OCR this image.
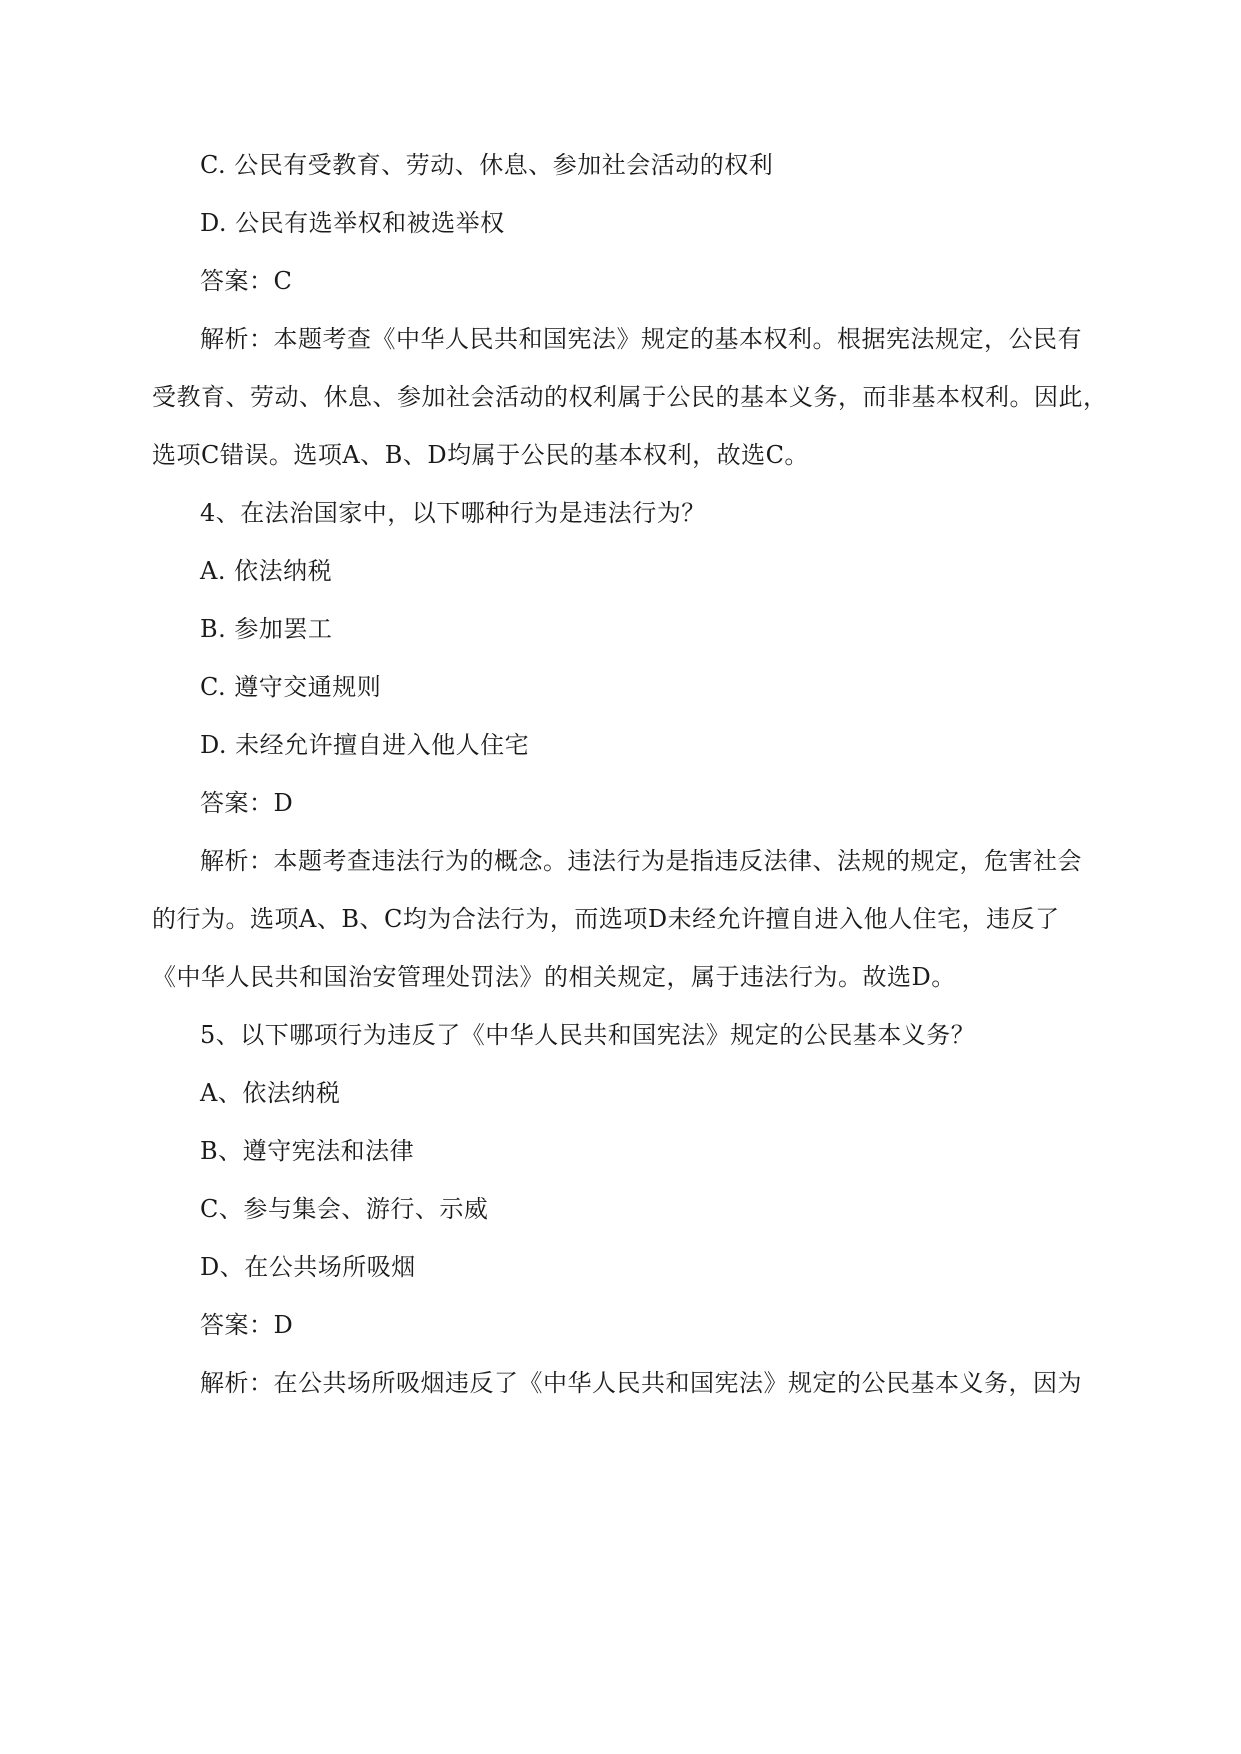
C. 公民有受教育、劳动、休息、参加社会活动的权利
D. 公民有选举权和被选举权
答案：C
解析：本题考查《中华人民共和国宪法》规定的基本权利。根据宪法规定，公民有
受教育、劳动、休息、参加社会活动的权利属于公民的基本义务，而非基本权利。因此，
选项C错误。选项A、B、D均属于公民的基本权利，故选C。
4、在法治国家中，以下哪种行为是违法行为？
A. 依法纳税
B. 参加罢工
C. 遵守交通规则
D. 未经允许擅自进入他人住宅
答案：D
解析：本题考查违法行为的概念。违法行为是指违反法律、法规的规定，危害社会
的行为。选项A、B、C均为合法行为，而选项D未经允许擅自进入他人住宅，违反了
《中华人民共和国治安管理处罚法》的相关规定，属于违法行为。故选D。
5、以下哪项行为违反了《中华人民共和国宪法》规定的公民基本义务？
A、依法纳税
B、遵守宪法和法律
C、参与集会、游行、示威
D、在公共场所吸烟
答案：D
解析：在公共场所吸烟违反了《中华人民共和国宪法》规定的公民基本义务，因为
